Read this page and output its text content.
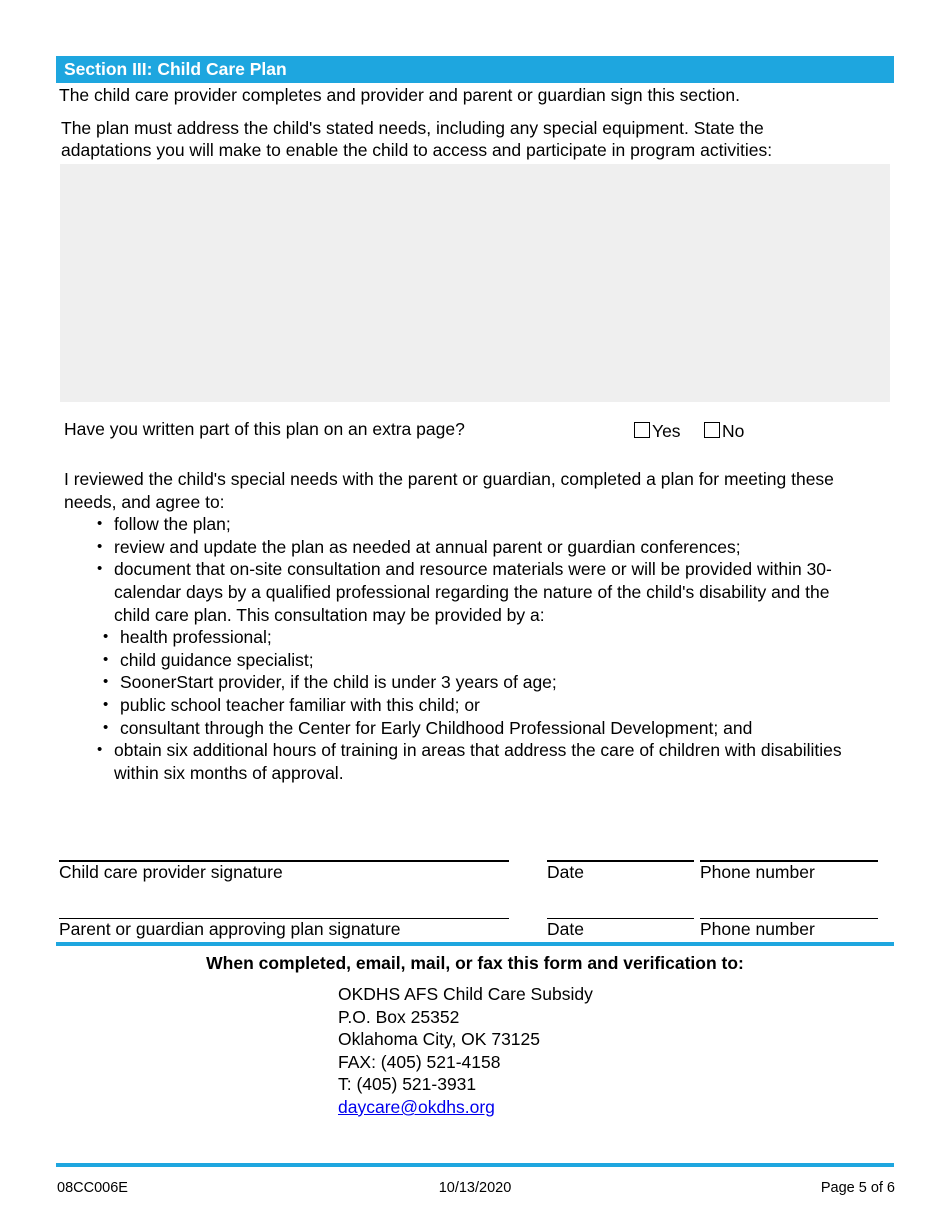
Section III: Child Care Plan
The child care provider completes and provider and parent or guardian sign this section.
The plan must address the child's stated needs, including any special equipment. State the
adaptations you will make to enable the child to access and participate in program activities:
Have you written part of this plan on an extra page?	Yes	No
I reviewed the child's special needs with the parent or guardian, completed a plan for meeting these
needs, and agree to:
• follow the plan;
• review and update the plan as needed at annual parent or guardian conferences;
• document that on-site consultation and resource materials were or will be provided within 30-
calendar days by a qualified professional regarding the nature of the child's disability and the
child care plan. This consultation may be provided by a:
• health professional;
• child guidance specialist;
• SoonerStart provider, if the child is under 3 years of age;
• public school teacher familiar with this child; or
• consultant through the Center for Early Childhood Professional Development; and
• obtain six additional hours of training in areas that address the care of children with disabilities
within six months of approval.
Child care provider signature	Date	Phone number
Parent or guardian approving plan signature	Date	Phone number
When completed, email, mail, or fax this form and verification to:
OKDHS AFS Child Care Subsidy
P.O. Box 25352
Oklahoma City, OK 73125
FAX: (405) 521-4158
T: (405) 521-3931
daycare@okdhs.org
08CC006E	10/13/2020	Page 5 of 6
